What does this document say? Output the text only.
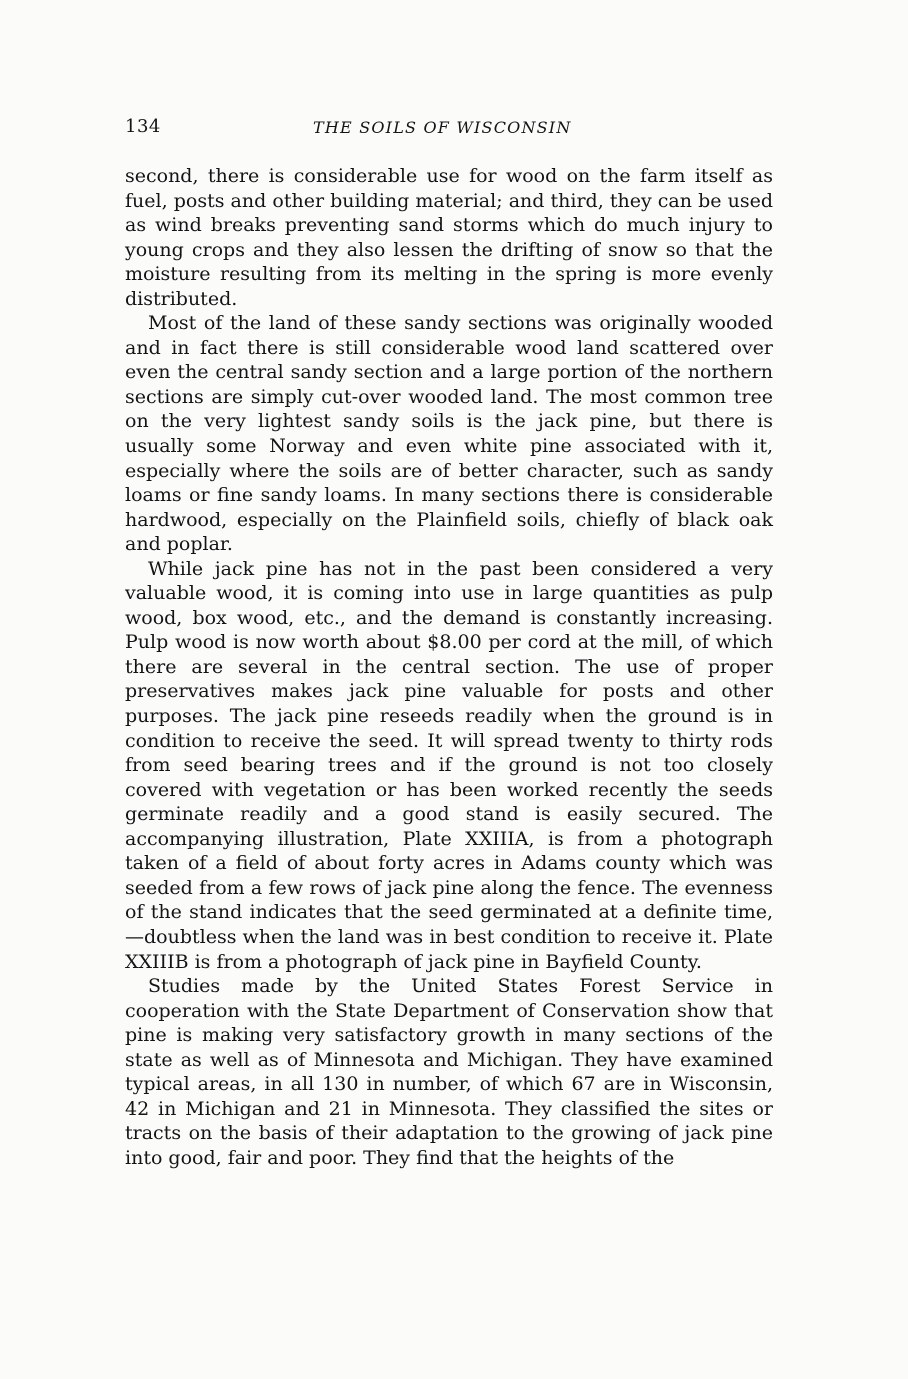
134	THE SOILS OF WISCONSIN

second, there is considerable use for wood on the farm itself as fuel, posts and other building material; and third, they can be used as wind breaks preventing sand storms which do much injury to young crops and they also lessen the drifting of snow so that the moisture resulting from its melting in the spring is more evenly distributed.

Most of the land of these sandy sections was originally wooded and in fact there is still considerable wood land scattered over even the central sandy section and a large portion of the northern sections are simply cut-over wooded land. The most common tree on the very lightest sandy soils is the jack pine, but there is usually some Norway and even white pine associated with it, especially where the soils are of better character, such as sandy loams or fine sandy loams. In many sections there is considerable hardwood, especially on the Plainfield soils, chiefly of black oak and poplar.

While jack pine has not in the past been considered a very valuable wood, it is coming into use in large quantities as pulp wood, box wood, etc., and the demand is constantly increasing. Pulp wood is now worth about $8.00 per cord at the mill, of which there are several in the central section. The use of proper preservatives makes jack pine valuable for posts and other purposes. The jack pine reseeds readily when the ground is in condition to receive the seed. It will spread twenty to thirty rods from seed bearing trees and if the ground is not too closely covered with vegetation or has been worked recently the seeds germinate readily and a good stand is easily secured. The accompanying illustration, Plate XXIIIA, is from a photograph taken of a field of about forty acres in Adams county which was seeded from a few rows of jack pine along the fence. The evenness of the stand indicates that the seed germinated at a definite time,—doubtless when the land was in best condition to receive it. Plate XXIIIB is from a photograph of jack pine in Bayfield County.

Studies made by the United States Forest Service in cooperation with the State Department of Conservation show that pine is making very satisfactory growth in many sections of the state as well as of Minnesota and Michigan. They have examined typical areas, in all 130 in number, of which 67 are in Wisconsin, 42 in Michigan and 21 in Minnesota. They classified the sites or tracts on the basis of their adaptation to the growing of jack pine into good, fair and poor. They find that the heights of the
